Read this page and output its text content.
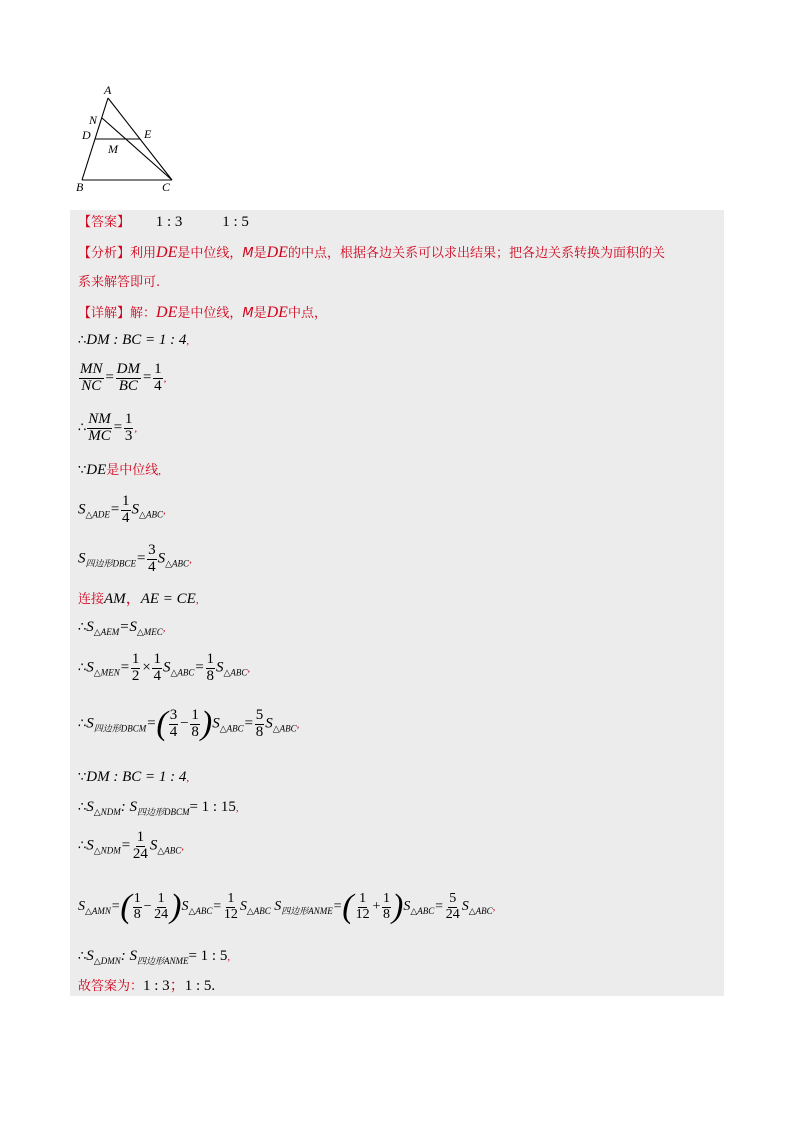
A
N
D	E
M
B	C
【答案】 1 : 3	1 : 5
【分析】利用DE是中位线，M是DE的中点，根据各边关系可以求出结果；把各边关系转换为面积的关
系来解答即可.
【详解】解：DE是中位线，M是DE中点，
∴DM : BC = 1 : 4,
$\frac{MN}{NC} = \frac{DM}{BC} = \frac{1}{4}$ ,
∴ $\frac{NM}{MC} = \frac{1}{3}$ ,
∵DE是中位线,
$S_{\triangle ADE}= \frac{1}{4} S_{\triangle ABC}$,
$S_{四边形DBCE}= \frac{3}{4} S_{\triangle ABC}$,
连接AM，AE = CE,
$\therefore S_{\triangle AEM}=S_{\triangle MEC}$,
$\therefore S_{\triangle MEN}= \frac{1}{2} \times \frac{1}{4} S_{\triangle ABC}= \frac{1}{8} S_{\triangle ABC}$,
$\therefore S_{四边形DBCM}=( \frac{3}{4} - \frac{1}{8} )S_{\triangle ABC}= \frac{5}{8} S_{\triangle ABC}$,
∵DM : BC = 1 : 4,
$\therefore S_{\triangle NDM}$: $S_{四边形DBCM}= 1$ : 15,
$\therefore S_{\triangle NDM}= \frac{1}{24} S_{\triangle ABC}$,
$S_{\triangle AMN}=( \frac{1}{8} - \frac{1}{24} )S_{\triangle ABC}= \frac{1}{12} S_{\triangle ABC}$ $S_{四边形ANME}=( \frac{1}{12} + \frac{1}{8} )S_{\triangle ABC}= \frac{5}{24} S_{\triangle ABC}$,
$\therefore S_{\triangle DMN}$: $S_{四边形ANME}= 1$ : 5,
故答案为：1 : 3；1 : 5.
